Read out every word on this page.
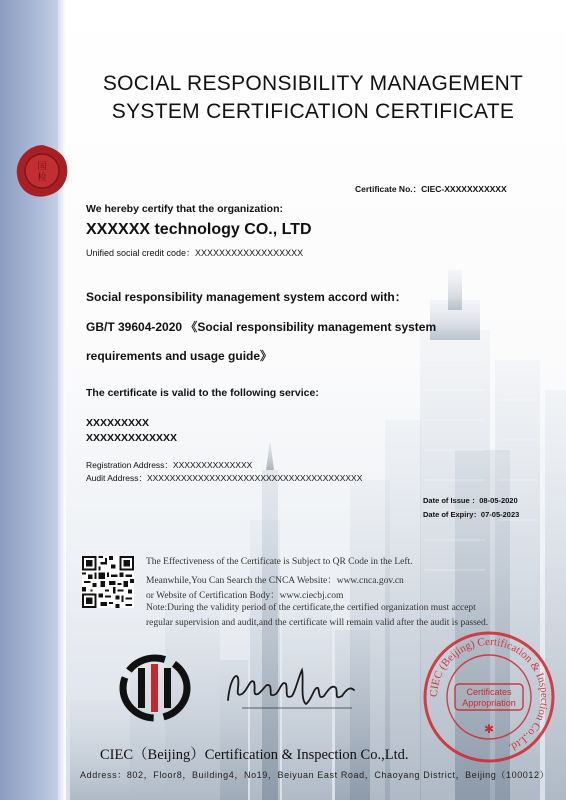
SOCIAL RESPONSIBILITY MANAGEMENT
SYSTEM CERTIFICATION CERTIFICATE
国
检
Certificate No.：CIEC-XXXXXXXXXXX
We hereby certify that the organization:
XXXXXX technology CO., LTD
Unified social credit code：XXXXXXXXXXXXXXXXXX
Social responsibility management system accord with：
GB/T 39604-2020 《Social responsibility management system
requirements and usage guide》
The certificate is valid to the following service:
XXXXXXXXX
XXXXXXXXXXXXX
Registration Address：XXXXXXXXXXXXXX
Audit Address：XXXXXXXXXXXXXXXXXXXXXXXXXXXXXXXXXXXXXX
Date of Issue ：08-05-2020
Date of Expiry：07-05-2023
The Effectiveness of the Certificate is Subject to QR Code in the Left.
Meanwhile,You Can Search the CNCA Website：www.cnca.gov.cn
or Website of Certification Body：www.ciecbj.com
Note:During the validity period of the certificate,the certified organization must accept
regular supervision and audit,and the certificate will remain valid after the audit is passed.
CIEC (Beijing) Certification & Inspection Co.,Ltd.
Certificates
Appropriation
✱
CIEC（Beijing）Certification & Inspection Co.,Ltd.
Address：802，Floor8，Building4，No19，Beiyuan East Road，Chaoyang District，Beijing（100012）
